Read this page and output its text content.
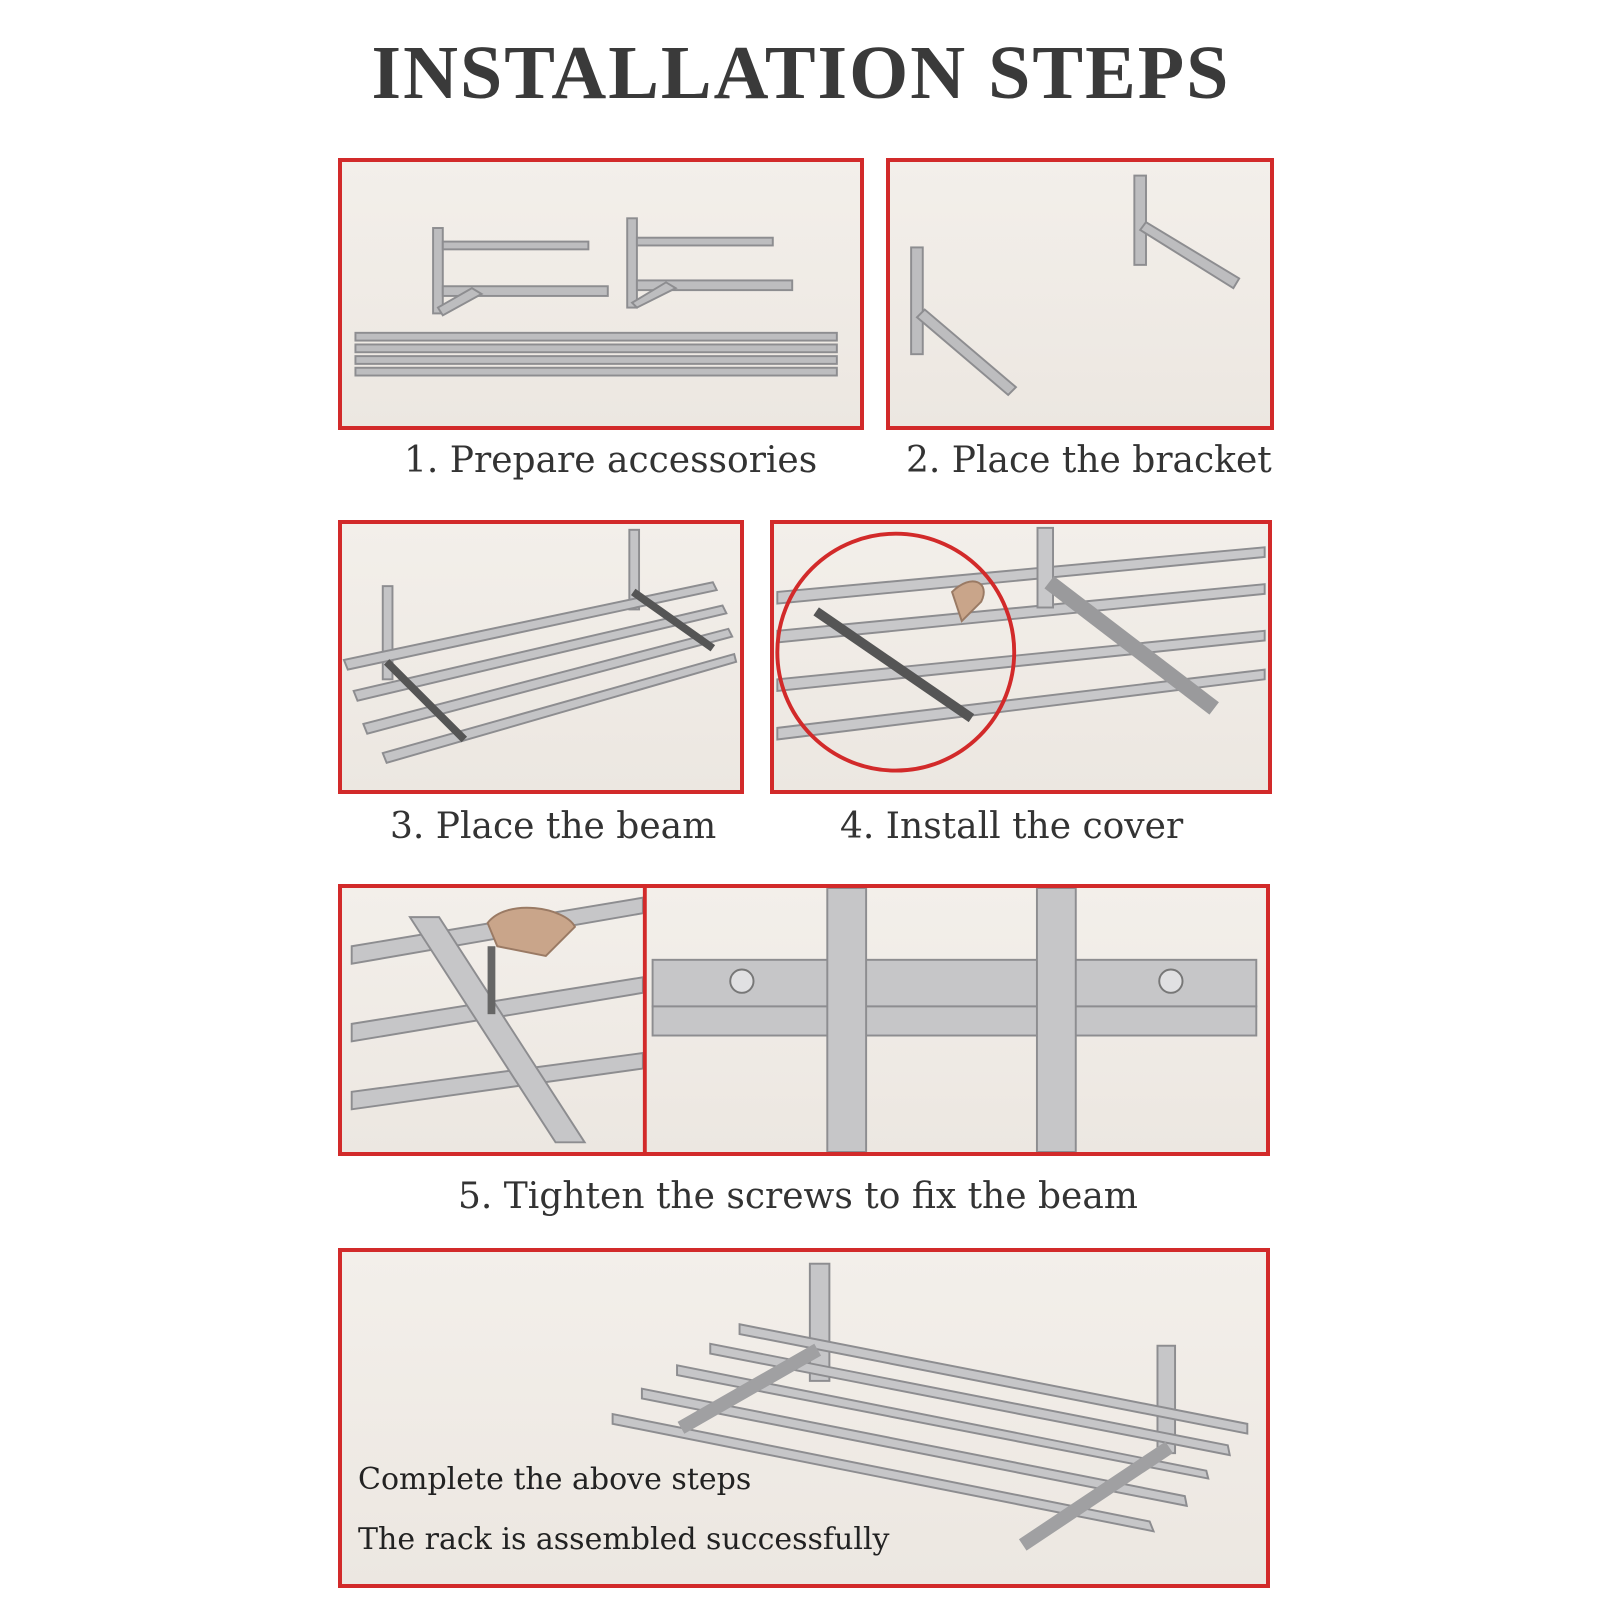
INSTALLATION STEPS
1. Prepare accessories 2. Place the bracket
3. Place the beam	4. Install the cover
5. Tighten the screws to fix the beam
Complete the above steps
The rack is assembled successfully
